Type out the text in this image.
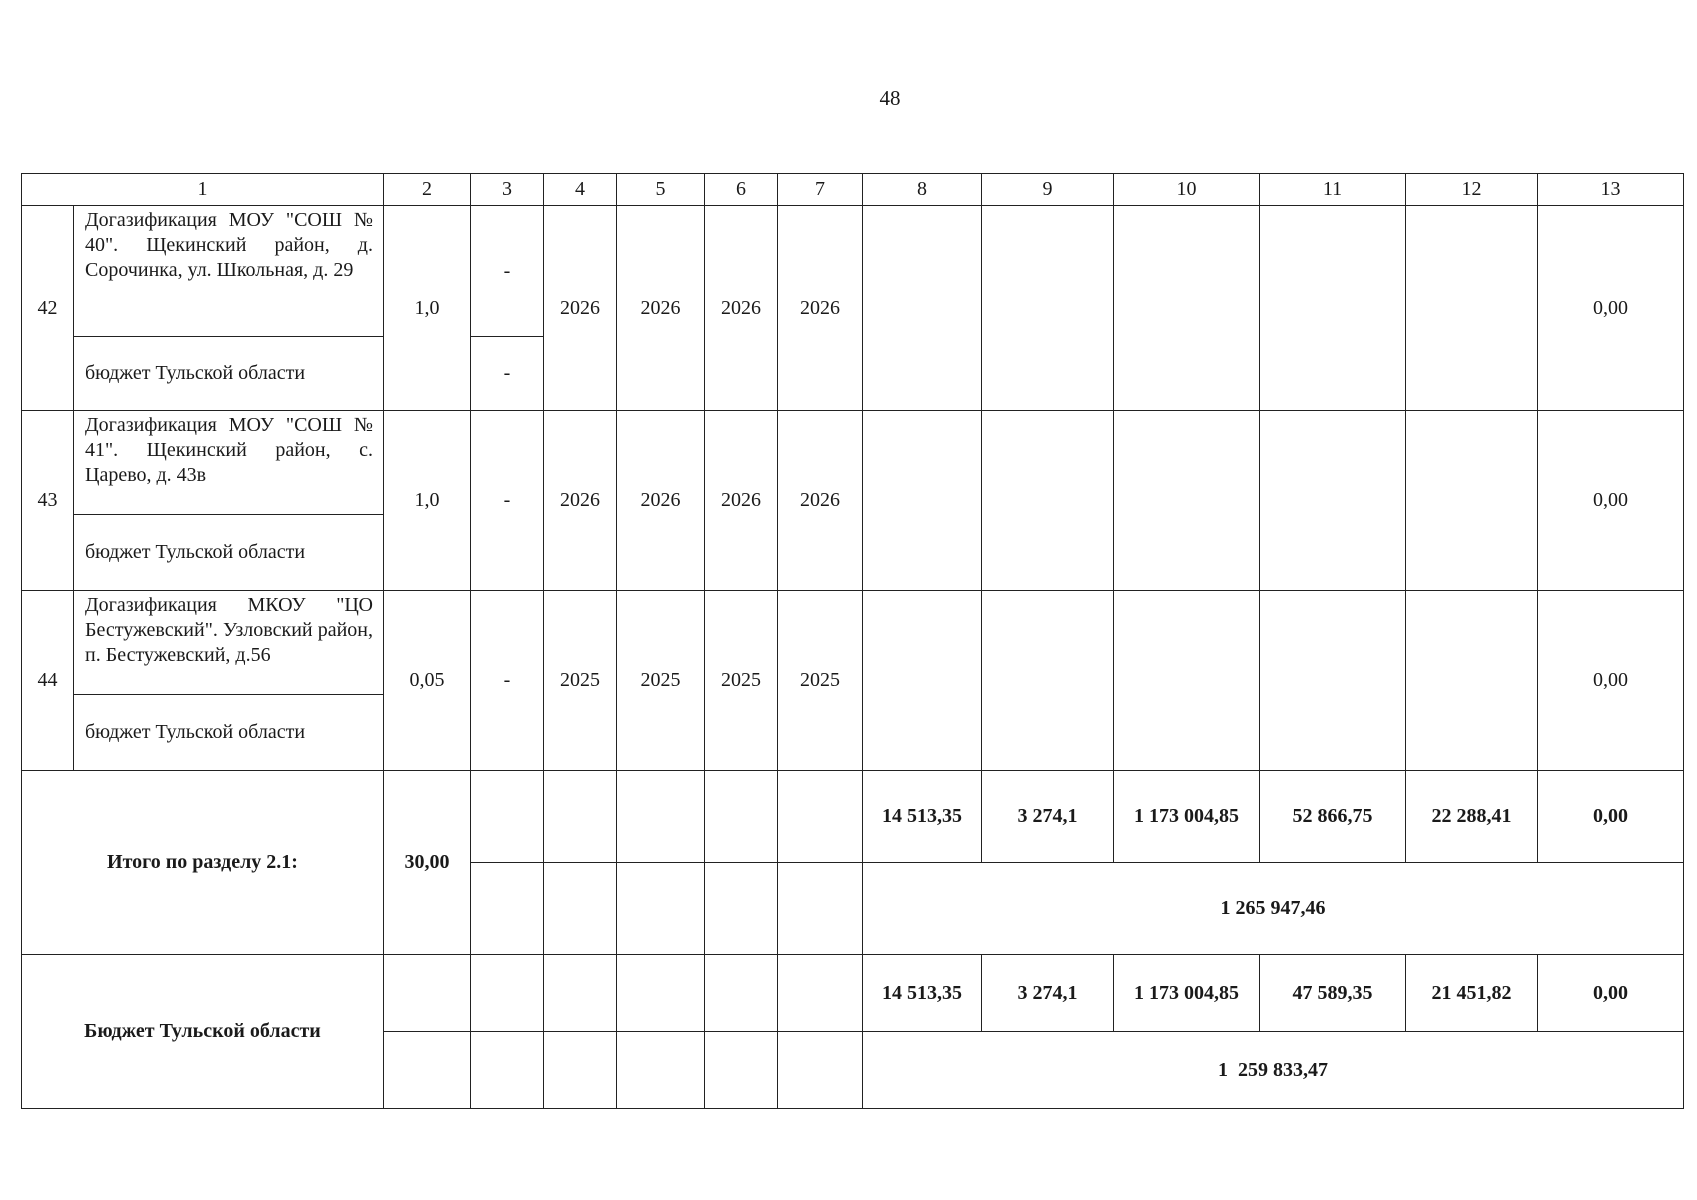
48
1		2	3	4	5	6	7	8	9	10	11	12	13
42	Догазификация МОУ "СОШ № 40". Щекинский район, д. Сорочинка, ул. Школьная, д. 29	1,0	-	2026	2026	2026	2026						0,00
	бюджет Тульской области		-										
43	Догазификация МОУ "СОШ № 41". Щекинский район, с. Царево, д. 43в	1,0	-	2026	2026	2026	2026						0,00
	бюджет Тульской области												
44	Догазификация МКОУ "ЦО Бестужевский". Узловский район, п. Бестужевский, д.56	0,05	-	2025	2025	2025	2025						0,00
	бюджет Тульской области												
Итого по разделу 2.1:		30,00						14 513,35	3 274,1	1 173 004,85	52 866,75	22 288,41	0,00
								1 265 947,46					
Бюджет Тульской области								14 513,35	3 274,1	1 173 004,85	47 589,35	21 451,82	0,00
								1  259 833,47					
